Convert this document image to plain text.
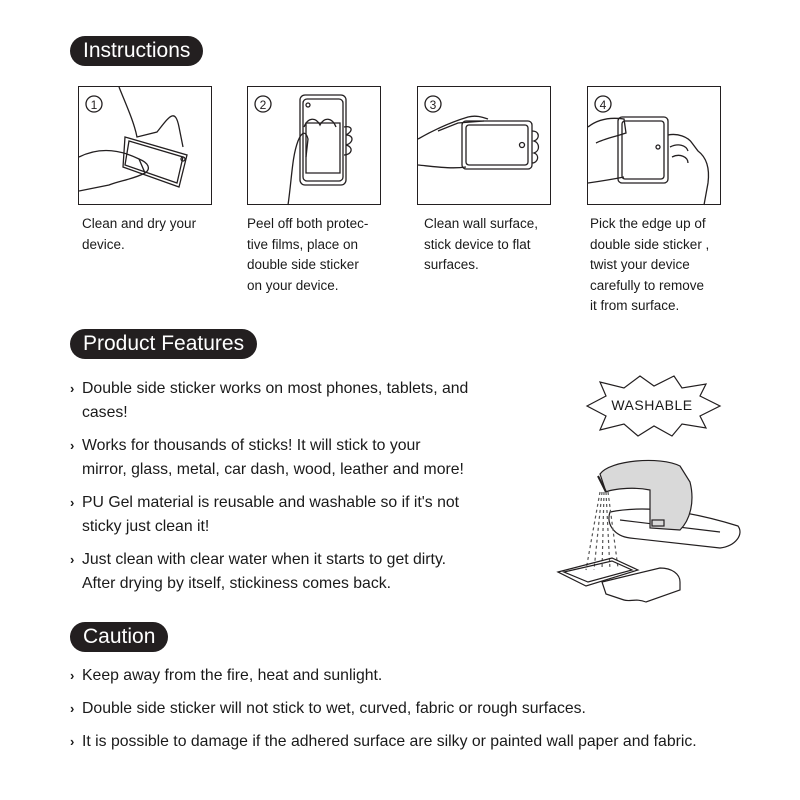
Instructions
1
Clean and dry your
device.
2
Peel off both protec-
tive films, place on
double side sticker
on your device.
3
Clean wall surface,
stick device to flat
surfaces.
4
Pick the edge up of
double side sticker ,
twist your device
carefully to remove
it from surface.
Product Features
› Double side sticker works on most phones, tablets, and
cases!
› Works for thousands of sticks! It will stick to your
mirror, glass, metal, car dash, wood, leather and more!
› PU Gel material is reusable and washable so if it's not
sticky just clean it!
› Just clean with clear water when it starts to get dirty.
After drying by itself, stickiness comes back.
WASHABLE
Caution
› Keep away from the fire, heat and sunlight.
› Double side sticker will not stick to wet, curved, fabric or rough surfaces.
› It is possible to damage if the adhered surface are silky or painted wall paper and fabric.
